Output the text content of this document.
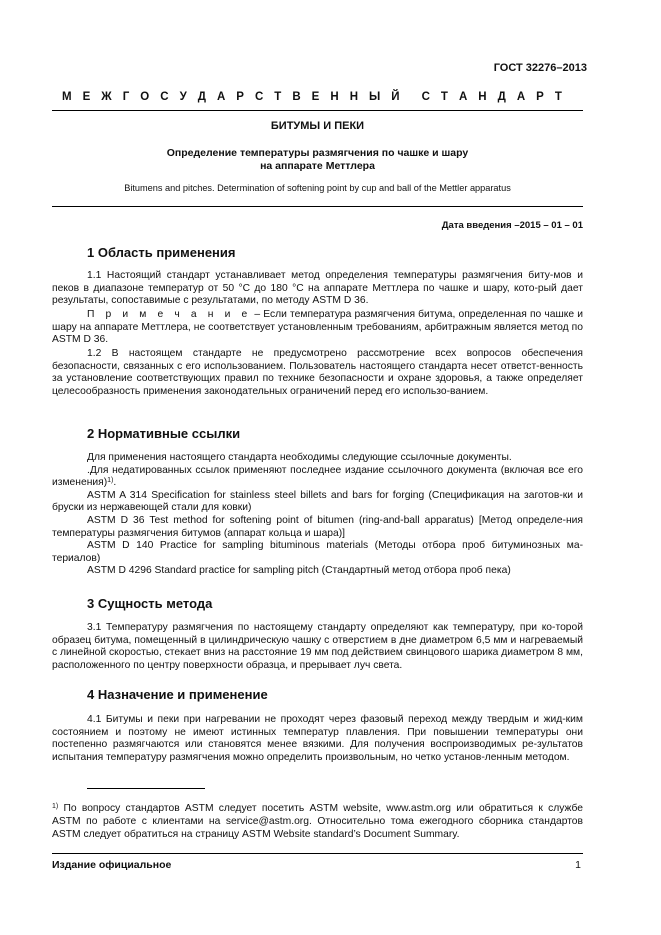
ГОСТ 32276–2013
М Е Ж Г О С У Д А Р С Т В Е Н Н Ы Й С Т А Н Д А Р Т
БИТУМЫ И ПЕКИ
Определение температуры размягчения по чашке и шару
на аппарате Меттлера
Bitumens and pitches. Determination of softening point by cup and ball of the Mettler apparatus
Дата введения –2015 – 01 – 01
1 Область применения
1.1 Настоящий стандарт устанавливает метод определения температуры размягчения биту-мов и пеков в диапазоне температур от 50 °С до 180 °С на аппарате Меттлера по чашке и шару, кото-рый дает результаты, сопоставимые с результатами, по методу ASTM D 36.
П р и м е ч а н и е – Если температура размягчения битума, определенная по чашке и шару на аппарате Меттлера, не соответствует установленным требованиям, арбитражным является метод по ASTM D 36.
1.2 В настоящем стандарте не предусмотрено рассмотрение всех вопросов обеспечения безопасности, связанных с его использованием. Пользователь настоящего стандарта несет ответст-венность за установление соответствующих правил по технике безопасности и охране здоровья, а также определяет целесообразность применения законодательных ограничений перед его использо-ванием.
2 Нормативные ссылки
Для применения настоящего стандарта необходимы следующие ссылочные документы.
.Для недатированных ссылок применяют последнее издание ссылочного документа (включая все его изменения)$^{1)}$.
ASTM A 314 Specification for stainless steel billets and bars for forging (Спецификация на заготов-ки и бруски из нержавеющей стали для ковки)
ASTM D 36 Test method for softening point of bitumen (ring-and-ball apparatus) [Метод определе-ния температуры размягчения битумов (аппарат кольца и шара)]
ASTM D 140 Practice for sampling bituminous materials (Методы отбора проб битуминозных ма-териалов)
ASTM D 4296 Standard practice for sampling pitch (Стандартный метод отбора проб пека)
3 Сущность метода
3.1 Температуру размягчения по настоящему стандарту определяют как температуру, при ко-торой образец битума, помещенный в цилиндрическую чашку с отверстием в дне диаметром 6,5 мм и нагреваемый с линейной скоростью, стекает вниз на расстояние 19 мм под действием свинцового шарика диаметром 8 мм, расположенного по центру поверхности образца, и прерывает луч света.
4 Назначение и применение
4.1 Битумы и пеки при нагревании не проходят через фазовый переход между твердым и жид-ким состоянием и поэтому не имеют истинных температур плавления. При повышении температуры они постепенно размягчаются или становятся менее вязкими. Для получения воспроизводимых ре-зультатов испытания температуру размягчения можно определить произвольным, но четко установ-ленным методом.
$^{1)}$ По вопросу стандартов ASTM следует посетить ASTM website, www.astm.org или обратиться к службе ASTM по работе с клиентами на service@astm.org. Относительно тома ежегодного сборника стандартов ASTM следует обратиться на страницу ASTM Website standard’s Document Summary.
Издание официальное	1
